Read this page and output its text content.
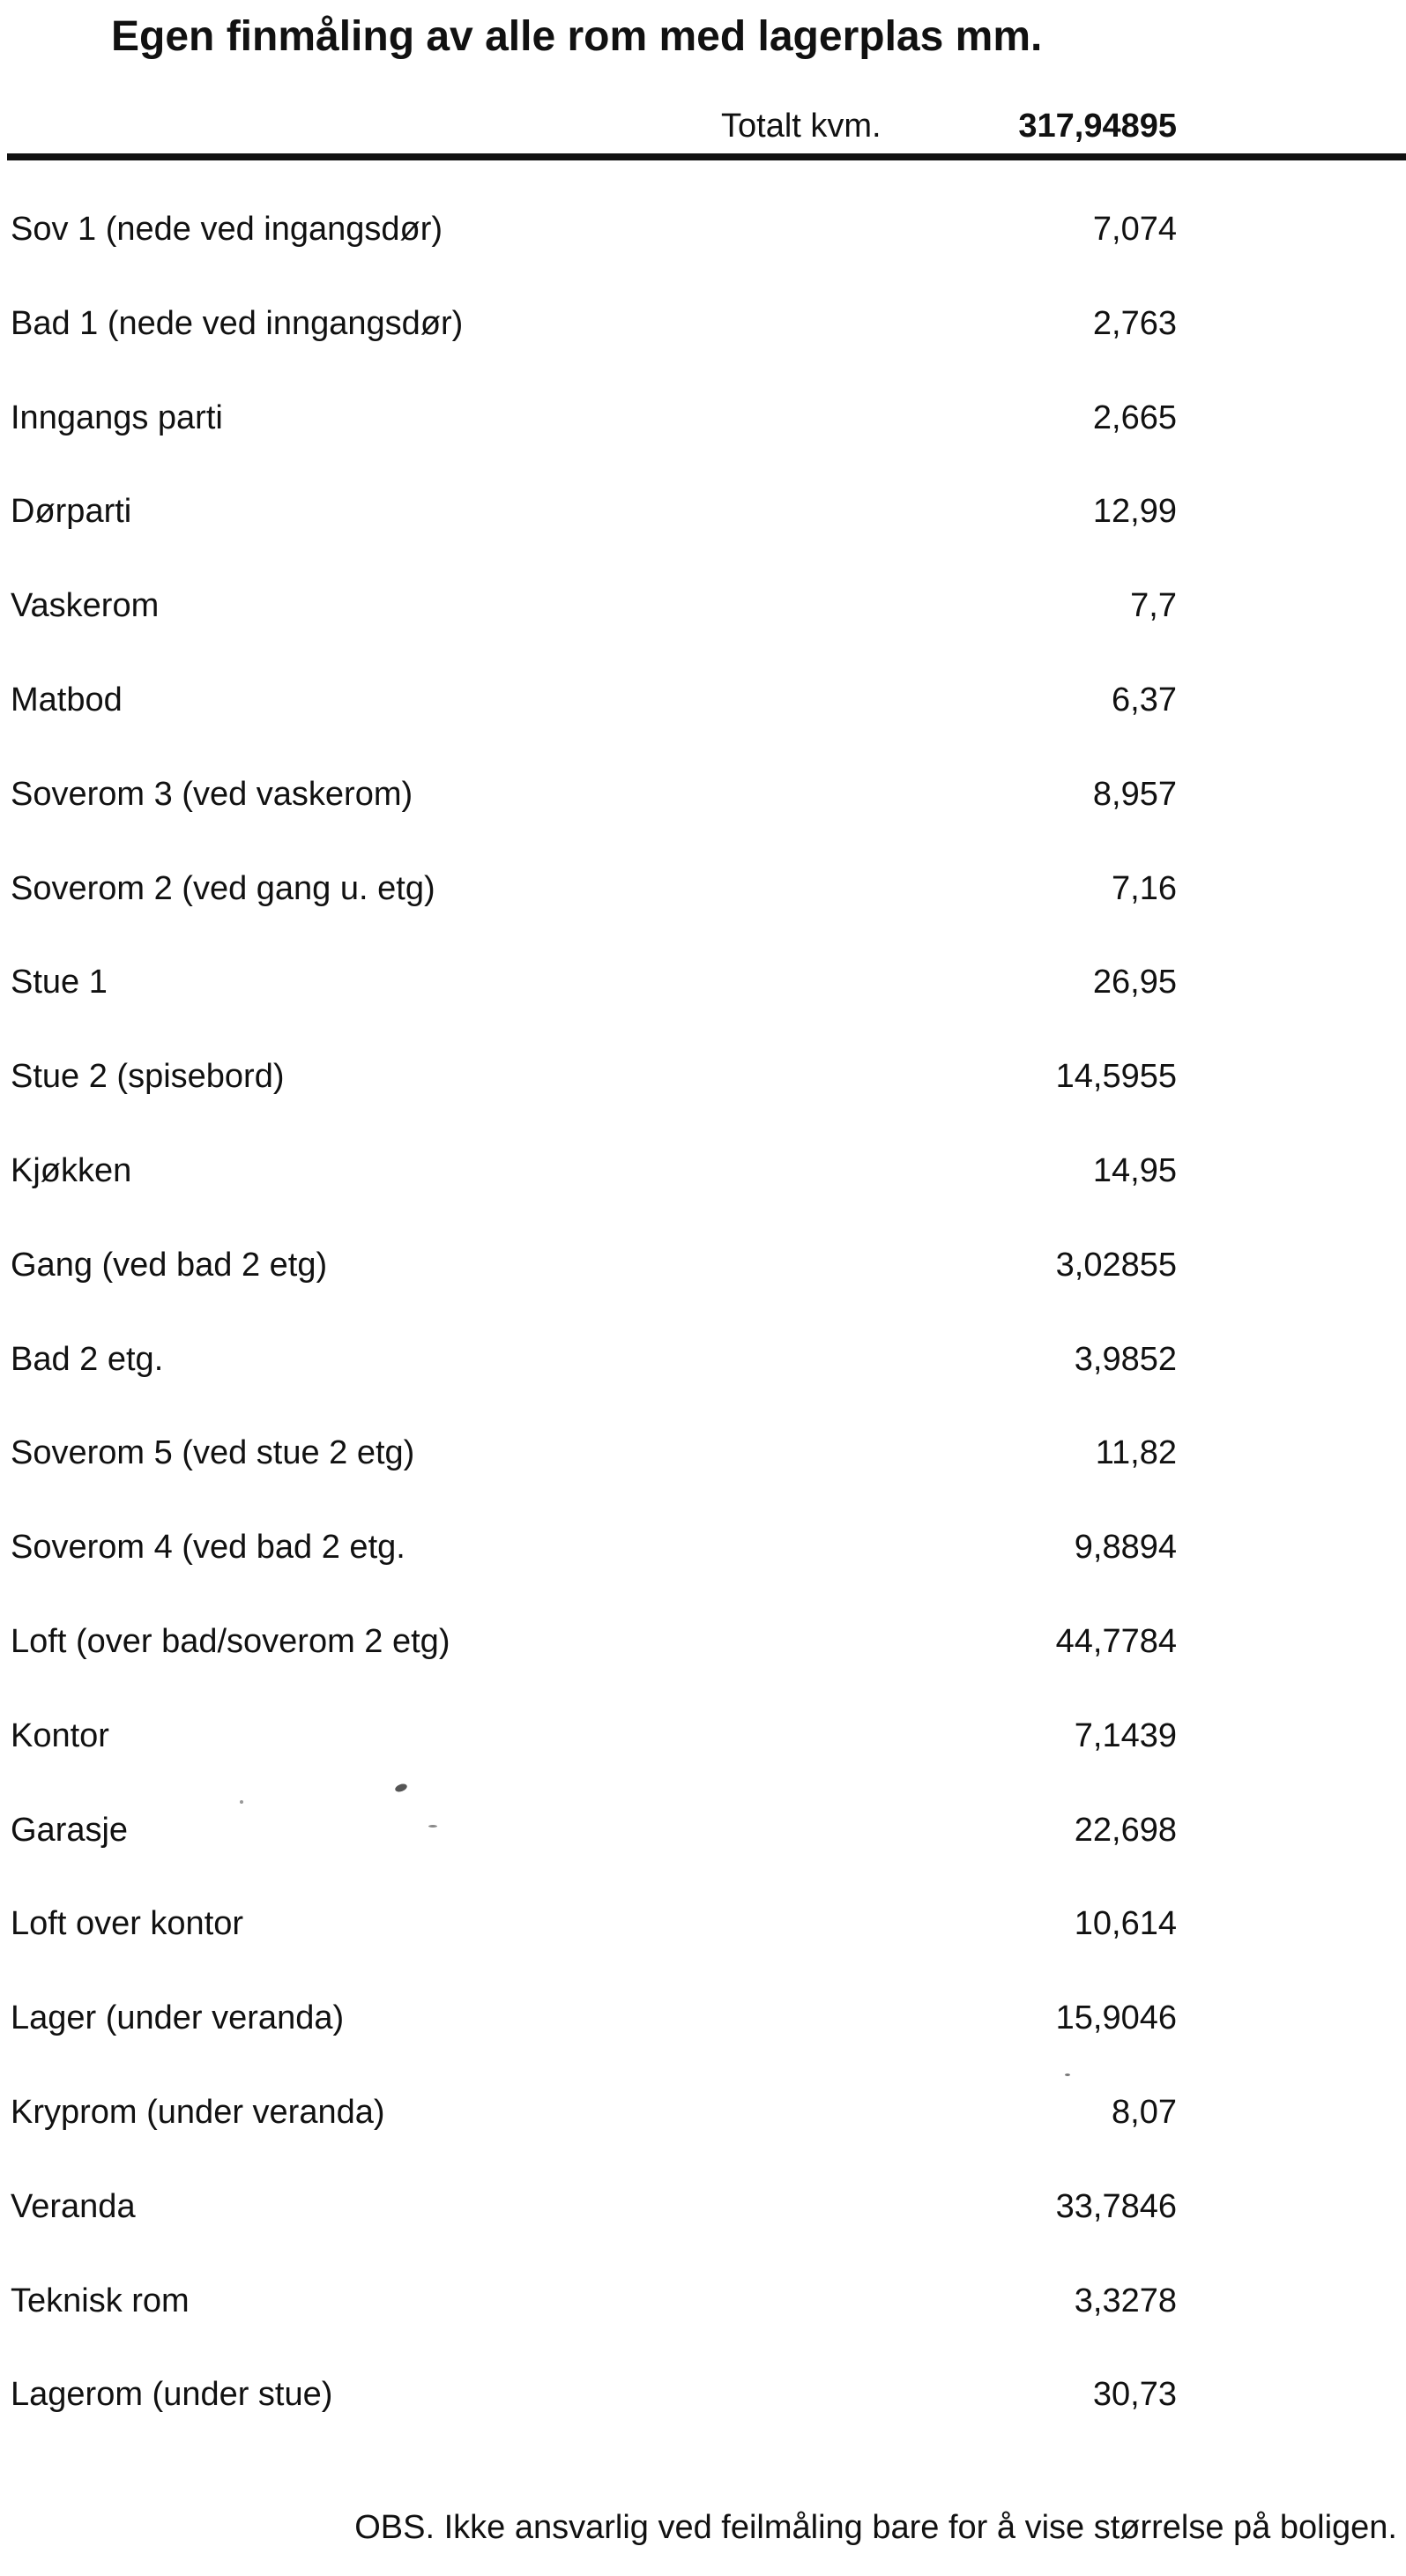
Egen finmåling av alle rom med lagerplas mm.
Totalt kvm.	317,94895
Sov 1 (nede ved ingangsdør)	7,074
Bad 1 (nede ved inngangsdør)	2,763
Inngangs parti	2,665
Dørparti	12,99
Vaskerom	7,7
Matbod	6,37
Soverom 3 (ved vaskerom)	8,957
Soverom 2 (ved gang u. etg)	7,16
Stue 1	26,95
Stue 2 (spisebord)	14,5955
Kjøkken	14,95
Gang (ved bad 2 etg)	3,02855
Bad 2 etg.	3,9852
Soverom 5 (ved stue 2 etg)	11,82
Soverom 4 (ved bad 2 etg.	9,8894
Loft (over bad/soverom 2 etg)	44,7784
Kontor	7,1439
Garasje	22,698
Loft over kontor	10,614
Lager (under veranda)	15,9046
Kryprom (under veranda)	8,07
Veranda	33,7846
Teknisk rom	3,3278
Lagerom (under stue)	30,73
OBS. Ikke ansvarlig ved feilmåling bare for å vise størrelse på boligen.
